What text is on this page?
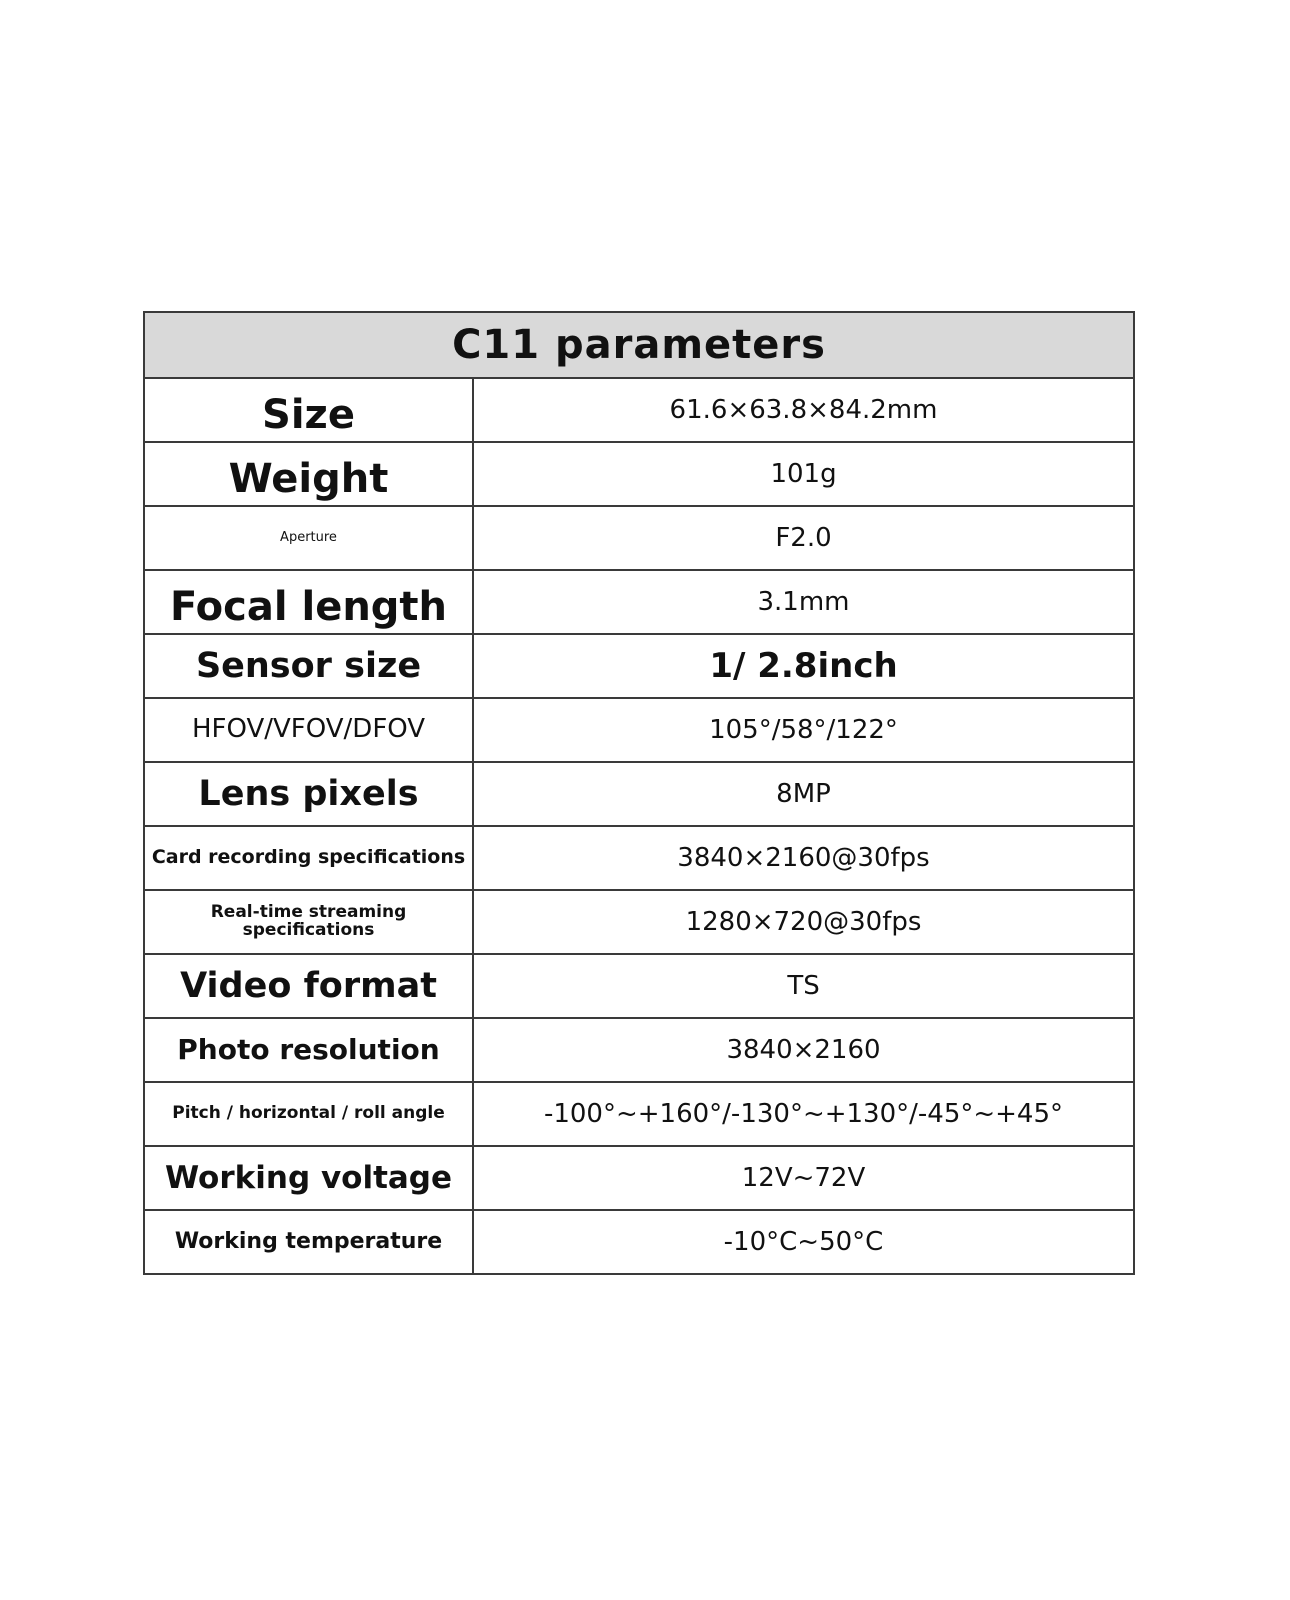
C11 parameters	
Size	61.6×63.8×84.2mm
Weight	101g
Aperture	F2.0
Focal length	3.1mm
Sensor size	1/ 2.8inch
HFOV/VFOV/DFOV	105°/58°/122°
Lens pixels	8MP
Card recording specifications	3840×2160@30fps
Real-time streaming specifications	1280×720@30fps
Video format	TS
Photo resolution	3840×2160
Pitch / horizontal / roll angle	-100°~+160°/-130°~+130°/-45°~+45°
Working voltage	12V~72V
Working temperature	-10°C~50°C
